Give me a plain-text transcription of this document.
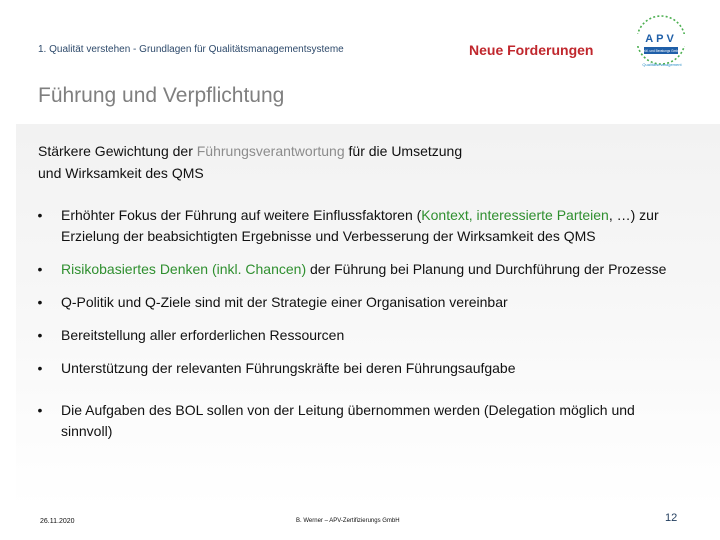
1. Qualität verstehen - Grundlagen für Qualitätsmanagementsysteme	Neue Forderungen
APV
Prüf- und Beratungs GmbH
Qualitätsmanagement
Führung und Verpflichtung
Stärkere Gewichtung der Führungsverantwortung für die Umsetzung
und Wirksamkeit des QMS
•	Erhöhter Fokus der Führung auf weitere Einflussfaktoren (Kontext, interessierte Parteien, …) zur Erzielung der beabsichtigten Ergebnisse und Verbesserung der Wirksamkeit des QMS
•	Risikobasiertes Denken (inkl. Chancen) der Führung bei Planung und Durchführung der Prozesse
•	Q-Politik und Q-Ziele sind mit der Strategie einer Organisation vereinbar
•	Bereitstellung aller erforderlichen Ressourcen
•	Unterstützung der relevanten Führungskräfte bei deren Führungsaufgabe
•	Die Aufgaben des BOL sollen von der Leitung übernommen werden (Delegation möglich und sinnvoll)
26.11.2020	B. Werner – APV-Zertifizierungs GmbH	12
